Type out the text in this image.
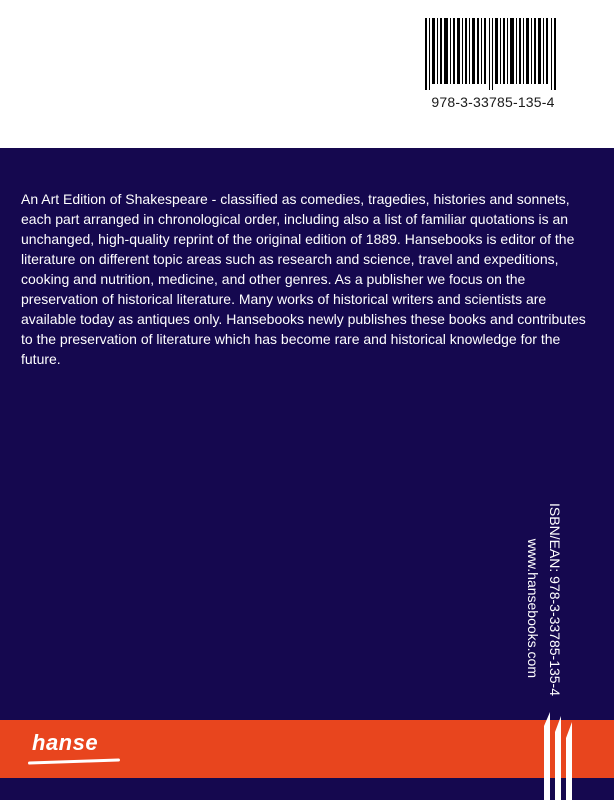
978-3-33785-135-4

An Art Edition of Shakespeare - classified as comedies, tragedies, histories and sonnets, each part arranged in chronological order, including also a list of familiar quotations is an unchanged, high-quality reprint of the original edition of 1889. Hansebooks is editor of the literature on different topic areas such as research and science, travel and expeditions, cooking and nutrition, medicine, and other genres. As a publisher we focus on the preservation of historical literature. Many works of historical writers and scientists are available today as antiques only. Hansebooks newly publishes these books and contributes to the preservation of literature which has become rare and historical knowledge for the future.

ISBN/EAN: 978-3-33785-135-4
www.hansebooks.com
hanse
